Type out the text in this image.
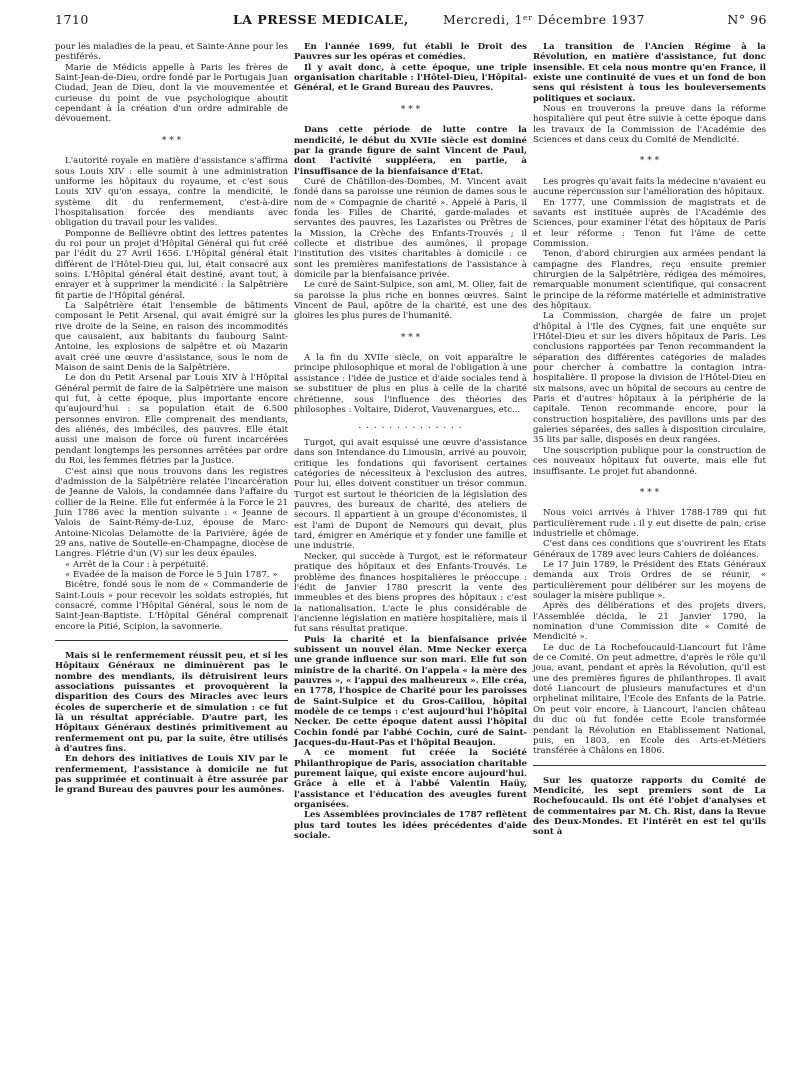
1710	LA PRESSE MEDICALE,	Mercredi, 1ᵉʳ Décembre 1937	N° 96

pour les maladies de la peau, et Sainte-Anne pour les pestiférés.

Marie de Médicis appelle à Paris les frères de Saint-Jean-de-Dieu, ordre fondé par le Portugais Juan Ciudad, Jean de Dieu, dont la vie mouvementée et curieuse du point de vue psychologique aboutit cependant à la création d'un ordre admirable de dévouement.

* * *

L'autorité royale en matière d'assistance s'affirma sous Louis XIV : elle soumit à une administration uniforme les hôpitaux du royaume, et c'est sous Louis XIV qu'on essaya, contre la mendicité, le système dit du renfermement, c'est-à-dire l'hospitalisation forcée des mendiants avec obligation du travail pour les valides.

Pomponne de Bellièvre obtint des lettres patentes du roi pour un projet d'Hôpital Général qui fut créé par l'édit du 27 Avril 1656. L'Hôpital général était différent de l'Hôtel-Dieu qui, lui, était consacré aux soins. L'Hôpital général était destiné, avant tout, à enrayer et à supprimer la mendicité : la Salpêtrière fit partie de l'Hôpital général.

La Salpêtrière était l'ensemble de bâtiments composant le Petit Arsenal, qui avait émigré sur la rive droite de la Seine, en raison des incommodités que causaient, aux habitants du faubourg Saint-Antoine, les explosions de salpêtre et où Mazarin avait créé une œuvre d'assistance, sous le nom de Maison de saint Denis de la Salpêtrière.

Le don du Petit Arsenal par Louis XIV à l'Hôpital Général permit de faire de la Salpêtrière une maison qui fut, à cette époque, plus importante encore qu'aujourd'hui : sa population était de 6.500 personnes environ. Elle comprenait des mendiants, des aliénés, des imbéciles, des pauvres. Elle était aussi une maison de force où furent incarcérées pendant longtemps les personnes arrêtées par ordre du Roi, les femmes flétries par la Justice.

C'est ainsi que nous trouvons dans les registres d'admission de la Salpêtrière relatée l'incarcération de Jeanne de Valois, la condamnée dans l'affaire du collier de la Reine. Elle fut enfermée à la Force le 21 Juin 1786 avec la mention suivante : « Jeanne de Valois de Saint-Rémy-de-Luz, épouse de Marc-Antoine-Nicolas Delamotte de la Parivière, âgée de 29 ans, native de Soutelle-en-Champagne, diocèse de Langres. Flétrie d'un (V) sur les deux épaules.

« Arrêt de la Cour : à perpétuité.

« Evadée de la maison de Force le 5 Juin 1787. »

Bicêtre, fondé sous le nom de « Commanderie de Saint-Louis » pour recevoir les soldats estropiés, fut consacré, comme l'Hôpital Général, sous le nom de Saint-Jean-Baptiste. L'Hôpital Général comprenait encore la Pitié, Scipion, la savonnerie.

Mais si le renfermement réussit peu, et si les Hôpitaux Généraux ne diminuèrent pas le nombre des mendiants, ils détruisirent leurs associations puissantes et provoquèrent la disparition des Cours des Miracles avec leurs écoles de supercherie et de simulation : ce fut là un résultat appréciable. D'autre part, les Hôpitaux Généraux destinés primitivement au renfermement ont pu, par la suite, être utilisés à d'autres fins.

En dehors des initiatives de Louis XIV par le renfermement, l'assistance à domicile ne fut pas supprimée et continuait à être assurée par le grand Bureau des pauvres pour les aumônes.

En l'année 1699, fut établi le Droit des Pauvres sur les opéras et comédies.

Il y avait donc, à cette époque, une triple organisation charitable : l'Hôtel-Dieu, l'Hôpital-Général, et le Grand Bureau des Pauvres.

* * *

Dans cette période de lutte contre la mendicité, le début du XVIIe siècle est dominé par la grande figure de saint Vincent de Paul, dont l'activité suppléera, en partie, à l'insuffisance de la bienfaisance d'Etat.

Curé de Châtillon-des-Dombes, M. Vincent avait fondé dans sa paroisse une réunion de dames sous le nom de « Compagnie de charité ». Appelé à Paris, il fonda les Filles de Charité, garde-malades et servantes des pauvres, les Lazaristes ou Prêtres de la Mission, la Crèche des Enfants-Trouvés ; il collecte et distribue des aumônes, il propage l'institution des visites charitables à domicile : ce sont les premières manifestations de l'assistance à domicile par la bienfaisance privée.

Le curé de Saint-Sulpice, son ami, M. Olier, fait de sa paroisse la plus riche en bonnes œuvres. Saint Vincent de Paul, apôtre de la charité, est une des gloires les plus pures de l'humanité.

* * *

A la fin du XVIIe siècle, on voit apparaître le principe philosophique et moral de l'obligation à une assistance : l'idée de justice et d'aide sociales tend à se substituer de plus en plus à celle de la charité chrétienne, sous l'influence des théories des philosophes : Voltaire, Diderot, Vauvenargues, etc...

. . . . . . . . . . . . . .

Turgot, qui avait esquissé une œuvre d'assistance dans son Intendance du Limousin, arrivé au pouvoir, critique les fondations qui favorisent certaines catégories de nécessiteux à l'exclusion des autres. Pour lui, elles doivent constituer un trésor commun. Turgot est surtout le théoricien de la législation des pauvres, des bureaux de charité, des ateliers de secours. Il appartient à un groupe d'économistes, il est l'ami de Dupont de Nemours qui devait, plus tard, émigrer en Amérique et y fonder une famille et une industrie.

Necker, qui succède à Turgot, est le réformateur pratique des hôpitaux et des Enfants-Trouvés. Le problème des finances hospitalières le préoccupe : l'édit de Janvier 1780 prescrit la vente des immeubles et des biens propres des hôpitaux : c'est la nationalisation. L'acte le plus considérable de l'ancienne législation en matière hospitalière, mais il fut sans résultat pratique.

Puis la charité et la bienfaisance privée subissent un nouvel élan. Mme Necker exerça une grande influence sur son mari. Elle fut son ministre de la charité. On l'appela « la mère des pauvres », « l'appui des malheureux ». Elle créa, en 1778, l'hospice de Charité pour les paroisses de Saint-Sulpice et du Gros-Caillou, hôpital modèle de ce temps : c'est aujourd'hui l'hôpital Necker. De cette époque datent aussi l'hôpital Cochin fondé par l'abbé Cochin, curé de Saint-Jacques-du-Haut-Pas et l'hôpital Beaujon.

A ce moment fut créée la Société Philanthropique de Paris, association charitable purement laïque, qui existe encore aujourd'hui. Grâce à elle et à l'abbé Valentin Haüy, l'assistance et l'éducation des aveugles furent organisées.

Les Assemblées provinciales de 1787 reflètent plus tard toutes les idées précédentes d'aide sociale.

La transition de l'Ancien Régime à la Révolution, en matière d'assistance, fut donc insensible. Et cela nous montre qu'en France, il existe une continuité de vues et un fond de bon sens qui résistent à tous les bouleversements politiques et sociaux.

Nous en trouverons la preuve dans la réforme hospitalière qui peut être suivie à cette époque dans les travaux de la Commission de l'Académie des Sciences et dans ceux du Comité de Mendicité.

* * *

Les progrès qu'avait faits la médecine n'avaient eu aucune répercussion sur l'amélioration des hôpitaux.

En 1777, une Commission de magistrats et de savants est instituée auprès de l'Académie des Sciences, pour examiner l'état des hôpitaux de Paris et leur réforme : Tenon fut l'âme de cette Commission.

Tenon, d'abord chirurgien aux armées pendant la campagne des Flandres, reçu ensuite premier chirurgien de la Salpêtrière, rédigea des mémoires, remarquable monument scientifique, qui consacrent le principe de la réforme matérielle et administrative des hôpitaux.

La Commission, chargée de faire un projet d'hôpital à l'Ile des Cygnes, fait une enquête sur l'Hôtel-Dieu et sur les divers hôpitaux de Paris. Les conclusions rapportées par Tenon recommandent la séparation des différentes catégories de malades pour chercher à combattre la contagion intra-hospitalière. Il propose la division de l'Hôtel-Dieu en six maisons, avec un hôpital de secours au centre de Paris et d'autres hôpitaux à la périphérie de la capitale. Tenon recommande encore, pour la construction hospitalière, des pavillons unis par des galeries séparées, des salles à disposition circulaire, 35 lits par salle, disposés en deux rangées.

Une souscription publique pour la construction de ces nouveaux hôpitaux fut ouverte, mais elle fut insuffisante. Le projet fut abandonné.

* * *

Nous voici arrivés à l'hiver 1788-1789 qui fut particulièrement rude : il y eut disette de pain, crise industrielle et chômage.

C'est dans ces conditions que s'ouvrirent les Etats Généraux de 1789 avec leurs Cahiers de doléances.

Le 17 Juin 1789, le Président des Etats Généraux demanda aux Trois Ordres de se réunir, « particulièrement pour délibérer sur les moyens de soulager la misère publique ».

Après des délibérations et des projets divers, l'Assemblée décida, le 21 Janvier 1790, la nomination d'une Commission dite « Comité de Mendicité ».

Le duc de La Rochefoucauld-Liancourt fut l'âme de ce Comité. On peut admettre, d'après le rôle qu'il joua, avant, pendant et après la Révolution, qu'il est une des premières figures de philanthropes. Il avait doté Liancourt de plusieurs manufactures et d'un orphelinat militaire, l'Ecole des Enfants de la Patrie. On peut voir encore, à Liancourt, l'ancien château du duc où fut fondée cette Ecole transformée pendant la Révolution en Etablissement National, puis, en 1803, en Ecole des Arts-et-Métiers transférée à Châlons en 1806.

Sur les quatorze rapports du Comité de Mendicité, les sept premiers sont de La Rochefoucauld. Ils ont été l'objet d'analyses et de commentaires par M. Ch. Rist, dans la Revue des Deux-Mondes. Et l'intérêt en est tel qu'ils sont à
